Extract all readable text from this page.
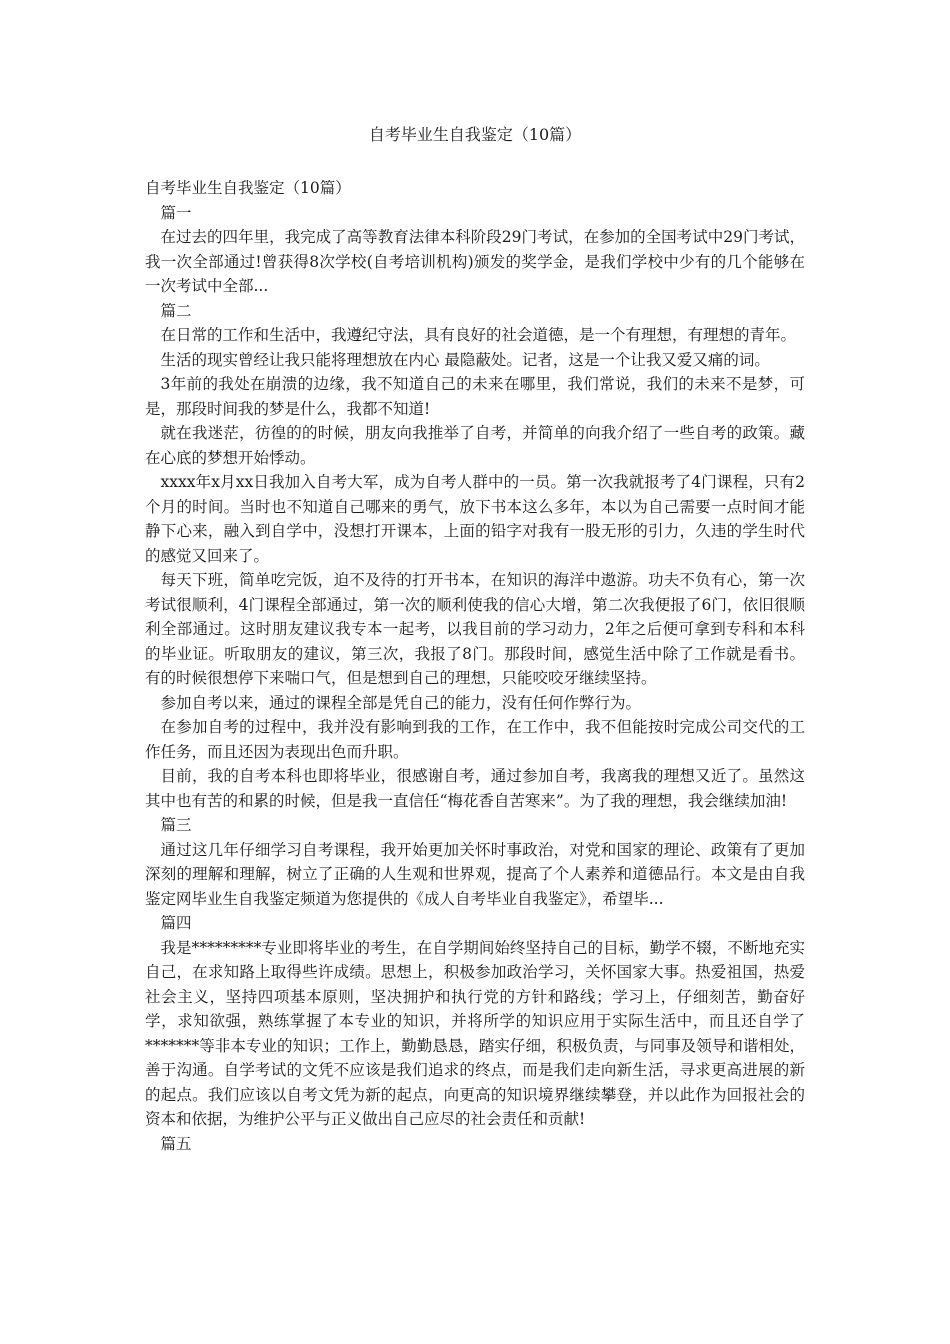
自考毕业生自我鉴定（10篇）

自考毕业生自我鉴定（10篇）

篇一

在过去的四年里，我完成了高等教育法律本科阶段29门考试，在参加的全国考试中29门考试，我一次全部通过!曾获得8次学校(自考培训机构)颁发的奖学金，是我们学校中少有的几个能够在一次考试中全部...

篇二

在日常的工作和生活中，我遵纪守法，具有良好的社会道德，是一个有理想，有理想的青年。

生活的现实曾经让我只能将理想放在内心 最隐蔽处。记者，这是一个让我又爱又痛的词。

3年前的我处在崩溃的边缘，我不知道自己的未来在哪里，我们常说，我们的未来不是梦，可是，那段时间我的梦是什么，我都不知道!

就在我迷茫，彷徨的的时候，朋友向我推举了自考，并简单的向我介绍了一些自考的政策。藏在心底的梦想开始悸动。

xxxx年x月xx日我加入自考大军，成为自考人群中的一员。第一次我就报考了4门课程，只有2个月的时间。当时也不知道自己哪来的勇气，放下书本这么多年，本以为自己需要一点时间才能静下心来，融入到自学中，没想打开课本，上面的铅字对我有一股无形的引力，久违的学生时代的感觉又回来了。

每天下班，简单吃完饭，迫不及待的打开书本，在知识的海洋中遨游。功夫不负有心，第一次考试很顺利，4门课程全部通过，第一次的顺利使我的信心大增，第二次我便报了6门，依旧很顺利全部通过。这时朋友建议我专本一起考，以我目前的学习动力，2年之后便可拿到专科和本科的毕业证。听取朋友的建议，第三次，我报了8门。那段时间，感觉生活中除了工作就是看书。有的时候很想停下来喘口气，但是想到自己的理想，只能咬咬牙继续坚持。

参加自考以来，通过的课程全部是凭自己的能力，没有任何作弊行为。

在参加自考的过程中，我并没有影响到我的工作，在工作中，我不但能按时完成公司交代的工作任务，而且还因为表现出色而升职。

目前，我的自考本科也即将毕业，很感谢自考，通过参加自考，我离我的理想又近了。虽然这其中也有苦的和累的时候，但是我一直信任“梅花香自苦寒来”。为了我的理想，我会继续加油!

篇三

通过这几年仔细学习自考课程，我开始更加关怀时事政治，对党和国家的理论、政策有了更加深刻的理解和理解，树立了正确的人生观和世界观，提高了个人素养和道德品行。本文是由自我鉴定网毕业生自我鉴定频道为您提供的《成人自考毕业自我鉴定》，希望毕...

篇四

我是*********专业即将毕业的考生，在自学期间始终坚持自己的目标，勤学不辍，不断地充实自己，在求知路上取得些许成绩。思想上，积极参加政治学习，关怀国家大事。热爱祖国，热爱社会主义，坚持四项基本原则，坚决拥护和执行党的方针和路线；学习上，仔细刻苦，勤奋好学，求知欲强，熟练掌握了本专业的知识，并将所学的知识应用于实际生活中，而且还自学了*******等非本专业的知识；工作上，勤勤恳恳，踏实仔细，积极负责，与同事及领导和谐相处，善于沟通。自学考试的文凭不应该是我们追求的终点，而是我们走向新生活，寻求更高进展的新的起点。我们应该以自考文凭为新的起点，向更高的知识境界继续攀登，并以此作为回报社会的资本和依据，为维护公平与正义做出自己应尽的社会责任和贡献!

篇五
